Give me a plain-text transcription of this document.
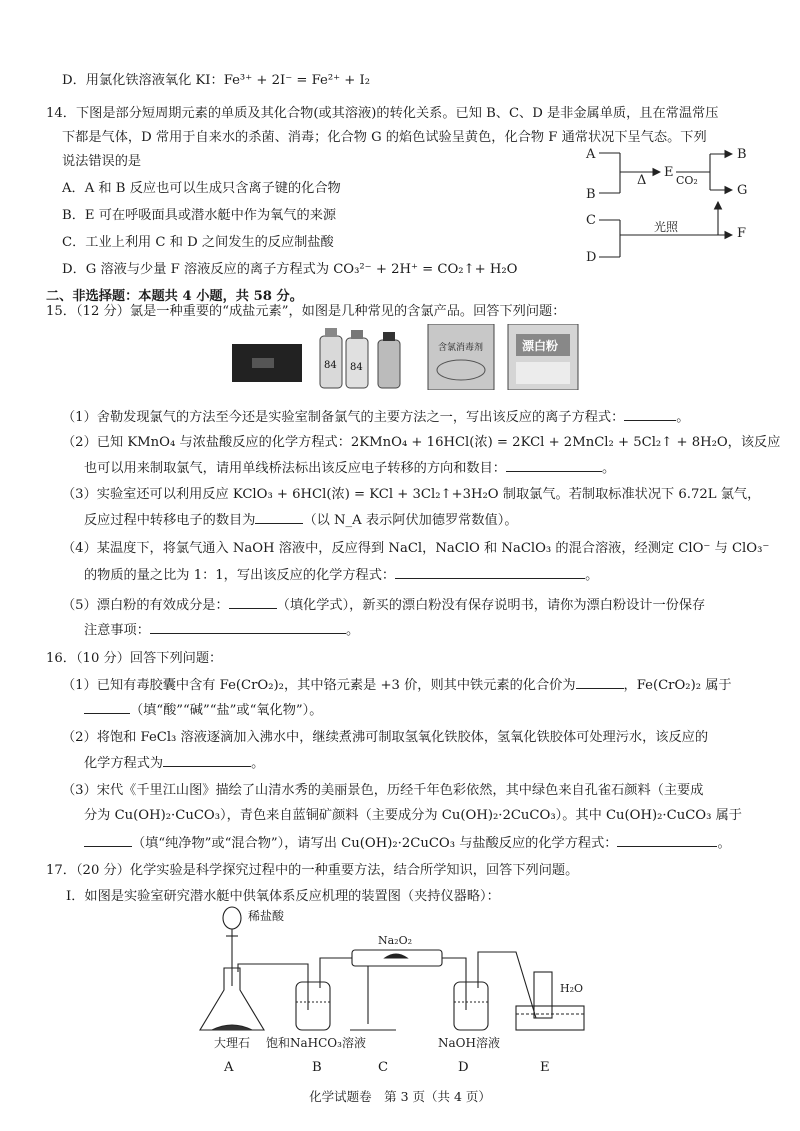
D．用氯化铁溶液氧化 KI：Fe³⁺ + 2I⁻ = Fe²⁺ + I₂
14．下图是部分短周期元素的单质及其化合物(或其溶液)的转化关系。已知 B、C、D 是非金属单质，且在常温常压
下都是气体，D 常用于自来水的杀菌、消毒；化合物 G 的焰色试验呈黄色，化合物 F 通常状况下呈气态。下列
说法错误的是
A．A 和 B 反应也可以生成只含离子键的化合物
B．E 可在呼吸面具或潜水艇中作为氧气的来源
C．工业上利用 C 和 D 之间发生的反应制盐酸
D．G 溶液与少量 F 溶液反应的离子方程式为 CO₃²⁻ + 2H⁺ = CO₂↑+ H₂O
A
B
C
D
E
Δ	CO₂
B
G
F
光照
二、非选择题：本题共 4 小题，共 58 分。
15．（12 分）氯是一种重要的“成盐元素”，如图是几种常见的含氯产品。回答下列问题：
84 84
含氯消毒剂	漂白粉
（1）舍勒发现氯气的方法至今还是实验室制备氯气的主要方法之一，写出该反应的离子方程式：	。
（2）已知 KMnO₄ 与浓盐酸反应的化学方程式：2KMnO₄ + 16HCl(浓) = 2KCl + 2MnCl₂ + 5Cl₂↑ + 8H₂O，该反应
也可以用来制取氯气，请用单线桥法标出该反应电子转移的方向和数目：	。
（3）实验室还可以利用反应 KClO₃ + 6HCl(浓) = KCl + 3Cl₂↑+3H₂O 制取氯气。若制取标准状况下 6.72L 氯气，
反应过程中转移电子的数目为	（以 N_A 表示阿伏加德罗常数值）。
（4）某温度下，将氯气通入 NaOH 溶液中，反应得到 NaCl，NaClO 和 NaClO₃ 的混合溶液，经测定 ClO⁻ 与 ClO₃⁻
的物质的量之比为 1：1，写出该反应的化学方程式：	。
（5）漂白粉的有效成分是：	（填化学式），新买的漂白粉没有保存说明书，请你为漂白粉设计一份保存
注意事项：	。
16．（10 分）回答下列问题：
（1）已知有毒胶囊中含有 Fe(CrO₂)₂，其中铬元素是 +3 价，则其中铁元素的化合价为	，Fe(CrO₂)₂ 属于
（填“酸”“碱”“盐”或“氧化物”）。
（2）将饱和 FeCl₃ 溶液逐滴加入沸水中，继续煮沸可制取氢氧化铁胶体，氢氧化铁胶体可处理污水，该反应的
化学方程式为	。
（3）宋代《千里江山图》描绘了山清水秀的美丽景色，历经千年色彩依然，其中绿色来自孔雀石颜料（主要成
分为 Cu(OH)₂·CuCO₃），青色来自蓝铜矿颜料（主要成分为 Cu(OH)₂·2CuCO₃）。其中 Cu(OH)₂·CuCO₃ 属于
（填“纯净物”或“混合物”），请写出 Cu(OH)₂·2CuCO₃ 与盐酸反应的化学方程式：	。
17．（20 分）化学实验是科学探究过程中的一种重要方法，结合所学知识，回答下列问题。
Ⅰ．如图是实验室研究潜水艇中供氧体系反应机理的装置图（夹持仪器略）：
稀盐酸
Na₂O₂
H₂O
大理石 饱和NaHCO₃溶液	NaOH溶液
A	B	C	D	E
化学试题卷　第 3 页（共 4 页）
